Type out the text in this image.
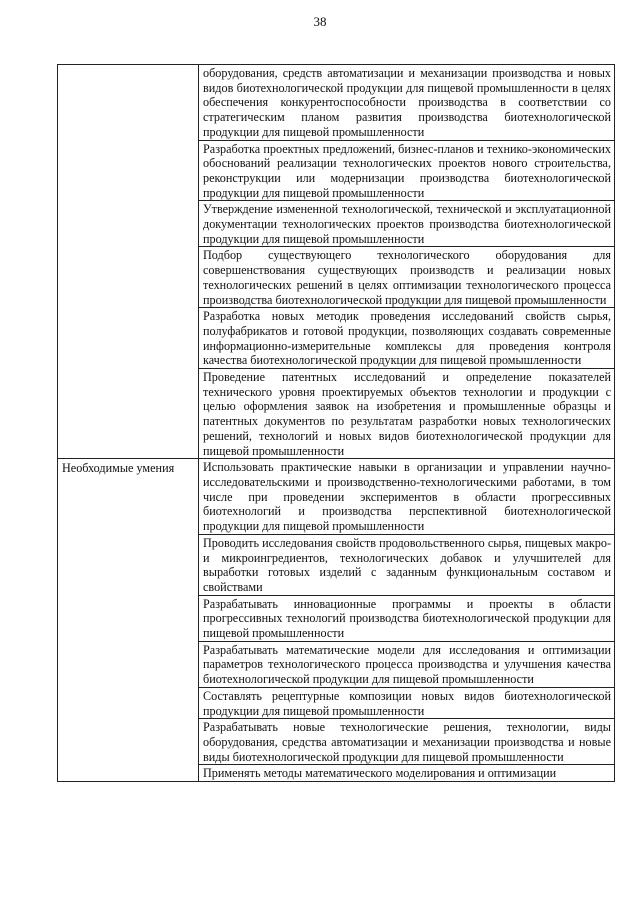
38
	оборудования, средств автоматизации и механизации производства и новых видов биотехнологической продукции для пищевой промышленности в целях обеспечения конкурентоспособности производства в соответствии со стратегическим планом развития производства биотехнологической продукции для пищевой промышленности
	Разработка проектных предложений, бизнес-планов и технико-экономических обоснований реализации технологических проектов нового строительства, реконструкции или модернизации производства биотехнологической продукции для пищевой промышленности
	Утверждение измененной технологической, технической и эксплуатационной документации технологических проектов производства биотехнологической продукции для пищевой промышленности
	Подбор существующего технологического оборудования для совершенствования существующих производств и реализации новых технологических решений в целях оптимизации технологического процесса производства биотехнологической продукции для пищевой промышленности
	Разработка новых методик проведения исследований свойств сырья, полуфабрикатов и готовой продукции, позволяющих создавать современные информационно-измерительные комплексы для проведения контроля качества биотехнологической продукции для пищевой промышленности
	Проведение патентных исследований и определение показателей технического уровня проектируемых объектов технологии и продукции с целью оформления заявок на изобретения и промышленные образцы и патентных документов по результатам разработки новых технологических решений, технологий и новых видов биотехнологической продукции для пищевой промышленности
Необходимые умения	Использовать практические навыки в организации и управлении научно-исследовательскими и производственно-технологическими работами, в том числе при проведении экспериментов в области прогрессивных биотехнологий и производства перспективной биотехнологической продукции для пищевой промышленности
	Проводить исследования свойств продовольственного сырья, пищевых макро- и микроингредиентов, технологических добавок и улучшителей для выработки готовых изделий с заданным функциональным составом и свойствами
	Разрабатывать инновационные программы и проекты в области прогрессивных технологий производства биотехнологической продукции для пищевой промышленности
	Разрабатывать математические модели для исследования и оптимизации параметров технологического процесса производства и улучшения качества биотехнологической продукции для пищевой промышленности
	Составлять рецептурные композиции новых видов биотехнологической продукции для пищевой промышленности
	Разрабатывать новые технологические решения, технологии, виды оборудования, средства автоматизации и механизации производства и новые виды биотехнологической продукции для пищевой промышленности
	Применять методы математического моделирования и оптимизации
